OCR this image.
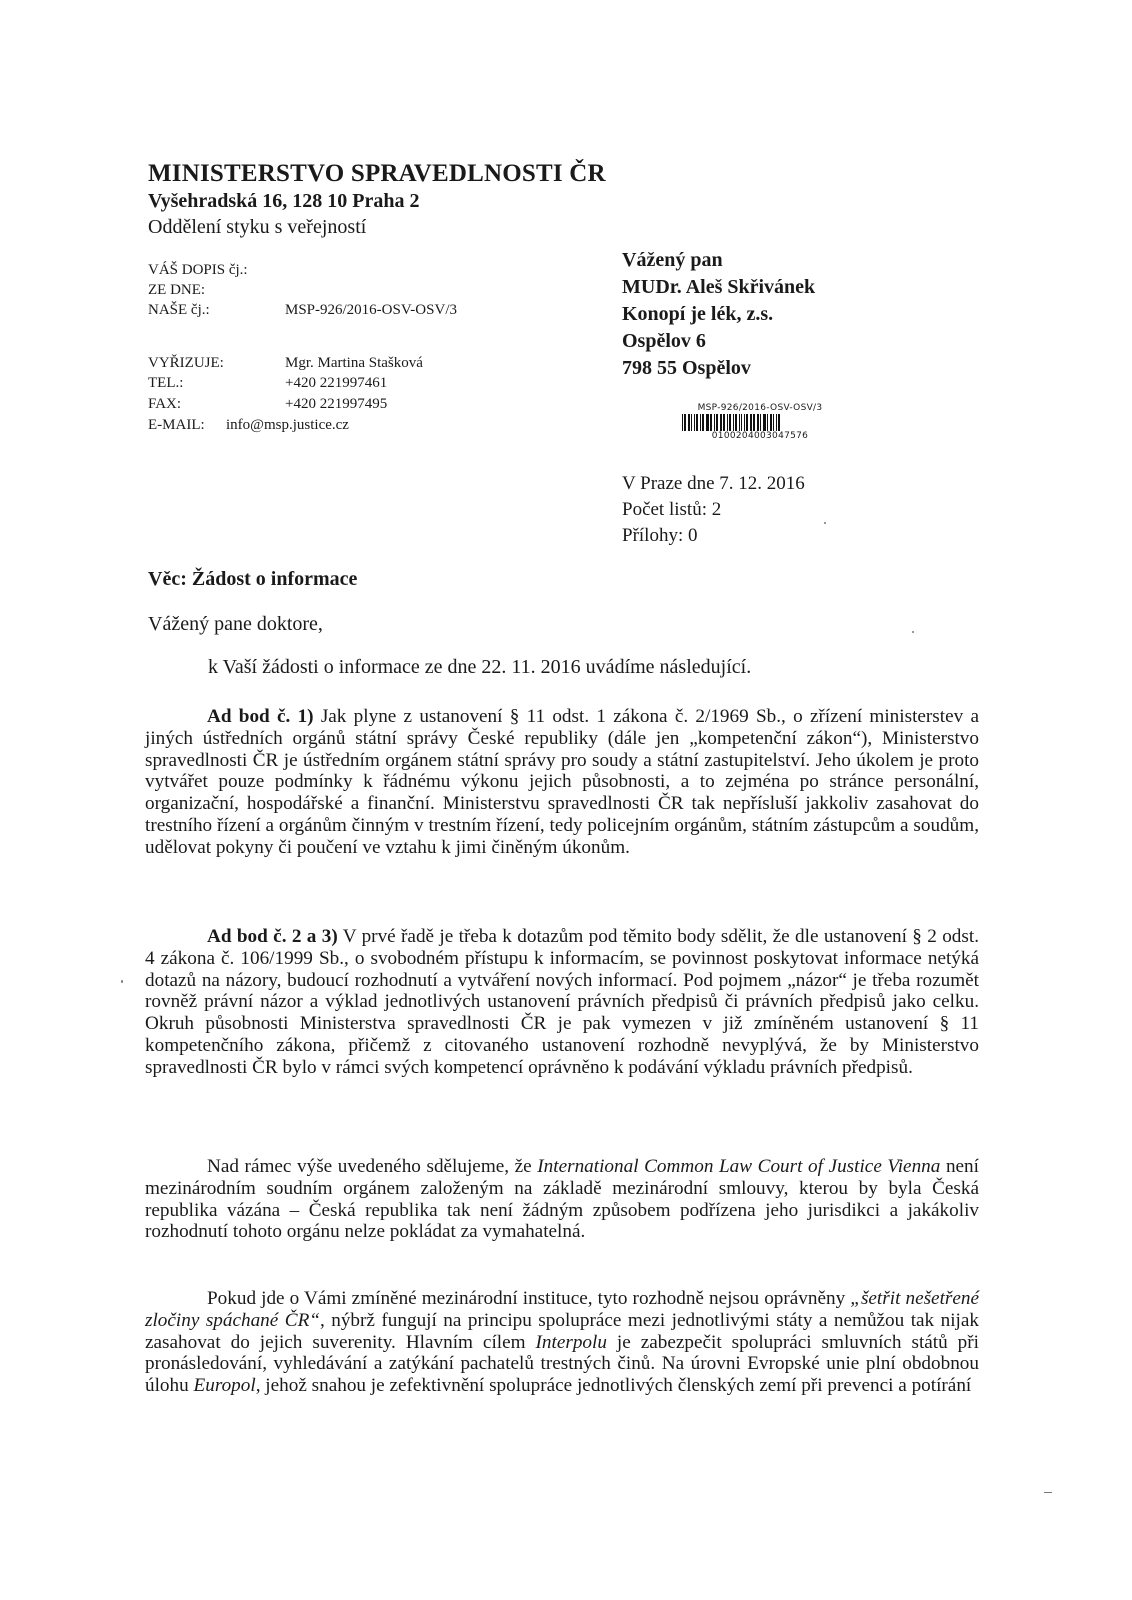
MINISTERSTVO SPRAVEDLNOSTI ČR
Vyšehradská 16, 128 10 Praha 2
Oddělení styku s veřejností
VÁŠ DOPIS čj.:
ZE DNE:
NAŠE čj.:	MSP-926/2016-OSV-OSV/3
VYŘIZUJE:	Mgr. Martina Stašková
TEL.:	+420 221997461
FAX:	+420 221997495
E-MAIL: info@msp.justice.cz
Vážený pan
MUDr. Aleš Skřivánek
Konopí je lék, z.s.
Ospělov 6
798 55 Ospělov
MSP-926/2016-OSV-OSV/3
0100204003047576
V Praze dne 7. 12. 2016
Počet listů: 2
Přílohy: 0
Věc: Žádost o informace
Vážený pane doktore,
k Vaší žádosti o informace ze dne 22. 11. 2016 uvádíme následující.

Ad bod č. 1) Jak plyne z ustanovení § 11 odst. 1 zákona č. 2/1969 Sb., o zřízení ministerstev a jiných ústředních orgánů státní správy České republiky (dále jen „kompetenční zákon“), Ministerstvo spravedlnosti ČR je ústředním orgánem státní správy pro soudy a státní zastupitelství. Jeho úkolem je proto vytvářet pouze podmínky k řádnému výkonu jejich působnosti, a to zejména po stránce personální, organizační, hospodářské a finanční. Ministerstvu spravedlnosti ČR tak nepřísluší jakkoliv zasahovat do trestního řízení a orgánům činným v trestním řízení, tedy policejním orgánům, státním zástupcům a soudům, udělovat pokyny či poučení ve vztahu k jimi činěným úkonům.

Ad bod č. 2 a 3) V prvé řadě je třeba k dotazům pod těmito body sdělit, že dle ustanovení § 2 odst. 4 zákona č. 106/1999 Sb., o svobodném přístupu k informacím, se povinnost poskytovat informace netýká dotazů na názory, budoucí rozhodnutí a vytváření nových informací. Pod pojmem „názor“ je třeba rozumět rovněž právní názor a výklad jednotlivých ustanovení právních předpisů či právních předpisů jako celku. Okruh působnosti Ministerstva spravedlnosti ČR je pak vymezen v již zmíněném ustanovení § 11 kompetenčního zákona, přičemž z citovaného ustanovení rozhodně nevyplývá, že by Ministerstvo spravedlnosti ČR bylo v rámci svých kompetencí oprávněno k podávání výkladu právních předpisů.

Nad rámec výše uvedeného sdělujeme, že International Common Law Court of Justice Vienna není mezinárodním soudním orgánem založeným na základě mezinárodní smlouvy, kterou by byla Česká republika vázána – Česká republika tak není žádným způsobem podřízena jeho jurisdikci a jakákoliv rozhodnutí tohoto orgánu nelze pokládat za vymahatelná.

Pokud jde o Vámi zmíněné mezinárodní instituce, tyto rozhodně nejsou oprávněny „šetřit nešetřené zločiny spáchané ČR“, nýbrž fungují na principu spolupráce mezi jednotlivými státy a nemůžou tak nijak zasahovat do jejich suverenity. Hlavním cílem Interpolu je zabezpečit spolupráci smluvních států při pronásledování, vyhledávání a zatýkání pachatelů trestných činů. Na úrovni Evropské unie plní obdobnou úlohu Europol, jehož snahou je zefektivnění spolupráce jednotlivých členských zemí při prevenci a potírání
